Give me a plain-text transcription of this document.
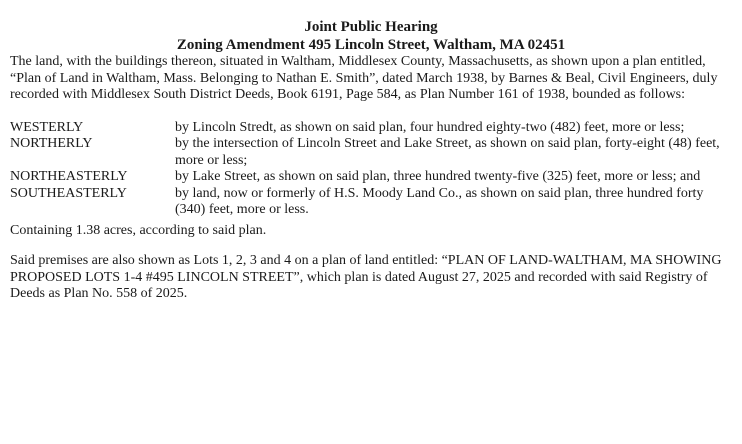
Joint Public Hearing

Zoning Amendment 495 Lincoln Street, Waltham, MA 02451

The land, with the buildings thereon, situated in Waltham, Middlesex County, Massachusetts, as shown upon a plan entitled, “Plan of Land in Waltham, Mass. Belonging to Nathan E. Smith”, dated March 1938, by Barnes & Beal, Civil Engineers, duly recorded with Middlesex South District Deeds, Book 6191, Page 584, as Plan Number 161 of 1938, bounded as follows:

WESTERLY	by Lincoln Stredt, as shown on said plan, four hundred eighty-two (482) feet, more or less;
NORTHERLY	by the intersection of Lincoln Street and Lake Street, as shown on said plan, forty-eight (48) feet, more or less;
NORTHEASTERLY	by Lake Street, as shown on said plan, three hundred twenty-five (325) feet, more or less; and
SOUTHEASTERLY	by land, now or formerly of H.S. Moody Land Co., as shown on said plan, three hundred forty (340) feet, more or less.

Containing 1.38 acres, according to said plan.

Said premises are also shown as Lots 1, 2, 3 and 4 on a plan of land entitled: “PLAN OF LAND-WALTHAM, MA SHOWING PROPOSED LOTS 1-4 #495 LINCOLN STREET”, which plan is dated August 27, 2025 and recorded with said Registry of Deeds as Plan No. 558 of 2025.
